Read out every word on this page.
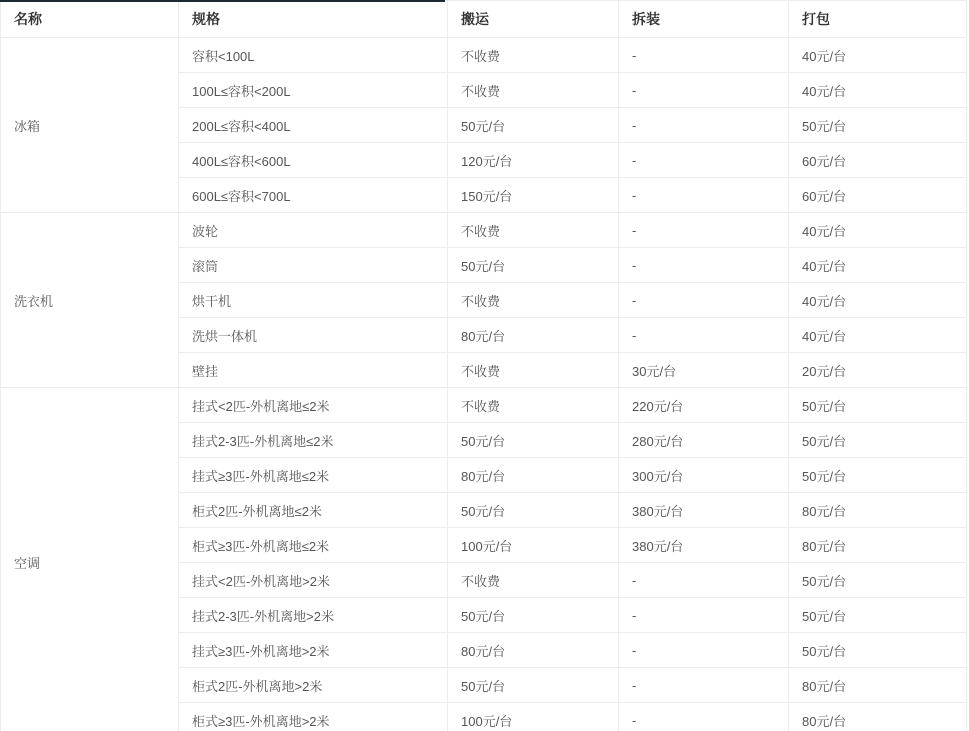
名称	规格	搬运	拆装	打包
冰箱	容积<100L	不收费	-	40元/台
	100L≤容积<200L	不收费	-	40元/台
	200L≤容积<400L	50元/台	-	50元/台
	400L≤容积<600L	120元/台	-	60元/台
	600L≤容积<700L	150元/台	-	60元/台
洗衣机	波轮	不收费	-	40元/台
	滚筒	50元/台	-	40元/台
	烘干机	不收费	-	40元/台
	洗烘一体机	80元/台	-	40元/台
	壁挂	不收费	30元/台	20元/台
空调	挂式<2匹-外机离地≤2米	不收费	220元/台	50元/台
	挂式2-3匹-外机离地≤2米	50元/台	280元/台	50元/台
	挂式≥3匹-外机离地≤2米	80元/台	300元/台	50元/台
	柜式2匹-外机离地≤2米	50元/台	380元/台	80元/台
	柜式≥3匹-外机离地≤2米	100元/台	380元/台	80元/台
	挂式<2匹-外机离地>2米	不收费	-	50元/台
	挂式2-3匹-外机离地>2米	50元/台	-	50元/台
	挂式≥3匹-外机离地>2米	80元/台	-	50元/台
	柜式2匹-外机离地>2米	50元/台	-	80元/台
	柜式≥3匹-外机离地>2米	100元/台	-	80元/台
